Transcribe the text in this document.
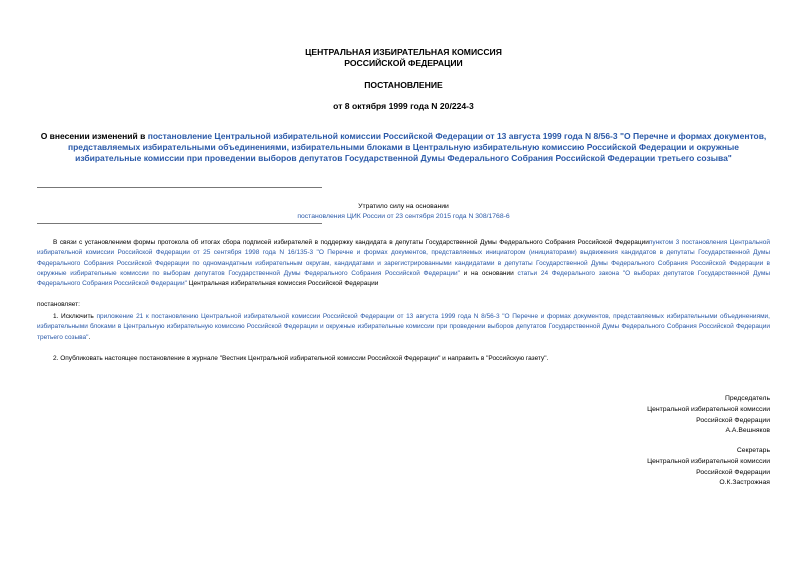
ЦЕНТРАЛЬНАЯ ИЗБИРАТЕЛЬНАЯ КОМИССИЯ
РОССИЙСКОЙ ФЕДЕРАЦИИ
ПОСТАНОВЛЕНИЕ
от 8 октября 1999 года N 20/224-3
О внесении изменений в постановление Центральной избирательной комиссии Российской Федерации от 13 августа 1999 года N 8/56-3 "О Перечне и формах документов, представляемых избирательными объединениями, избирательными блоками в Центральную избирательную комиссию Российской Федерации и окружные избирательные комиссии при проведении выборов депутатов Государственной Думы Федерального Собрания Российской Федерации третьего созыва"
Утратило силу на основании
постановления ЦИК России от 23 сентября 2015 года N 308/1768-6
В связи с установлением формы протокола об итогах сбора подписей избирателей в поддержку кандидата в депутаты Государственной Думы Федерального Собрания Российской Федерациипунктом 3 постановления Центральной избирательной комиссии Российской Федерации от 25 сентября 1998 года N 16/135-3 "О Перечне и формах документов, представляемых инициатором (инициаторами) выдвижения кандидатов в депутаты Государственной Думы Федерального Собрания Российской Федерации по одномандатным избирательным округам, кандидатами и зарегистрированными кандидатами в депутаты Государственной Думы Федерального Собрания Российской Федерации в окружные избирательные комиссии по выборам депутатов Государственной Думы Федерального Собрания Российской Федерации" и на основании статьи 24 Федерального закона "О выборах депутатов Государственной Думы Федерального Собрания Российской Федерации" Центральная избирательная комиссия Российской Федерации
постановляет:
1. Исключить приложение 21 к постановлению Центральной избирательной комиссии Российской Федерации от 13 августа 1999 года N 8/56-3 "О Перечне и формах документов, представляемых избирательными объединениями, избирательными блоками в Центральную избирательную комиссию Российской Федерации и окружные избирательные комиссии при проведении выборов депутатов Государственной Думы Федерального Собрания Российской Федерации третьего созыва".
2. Опубликовать настоящее постановление в журнале "Вестник Центральной избирательной комиссии Российской Федерации" и направить в "Российскую газету".
Председатель
Центральной избирательной комиссии
Российской Федерации
А.А.Вешняков
Секретарь
Центральной избирательной комиссии
Российской Федерации
О.К.Застрожная
